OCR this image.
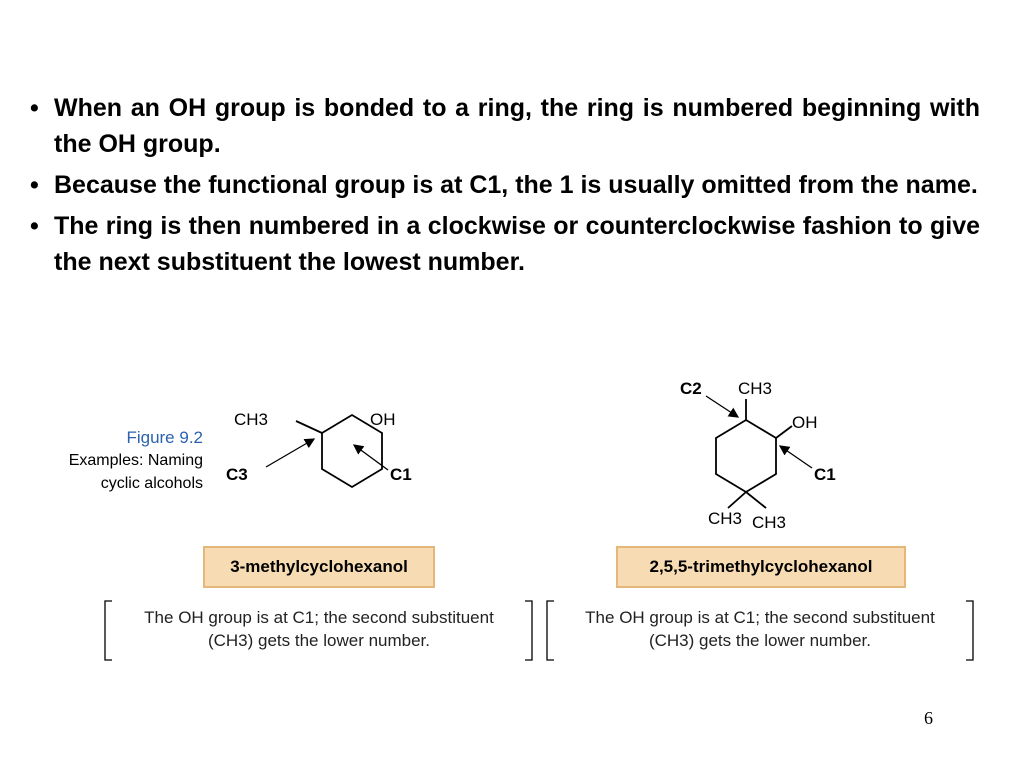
• When an OH group is bonded to a ring, the ring is numbered beginning with the OH group.
• Because the functional group is at C1, the 1 is usually omitted from the name.
• The ring is then numbered in a clockwise or counterclockwise fashion to give the next substituent the lowest number.
Figure 9.2
Examples: Naming
cyclic alcohols
CH3	OH
C3	C1
C2 CH3
OH
C1
CH3 CH3
3-methylcyclohexanol	2,5,5-trimethylcyclohexanol
The OH group is at C1; the second substituent
(CH3) gets the lower number.
The OH group is at C1; the second substituent
(CH3) gets the lower number.
6
